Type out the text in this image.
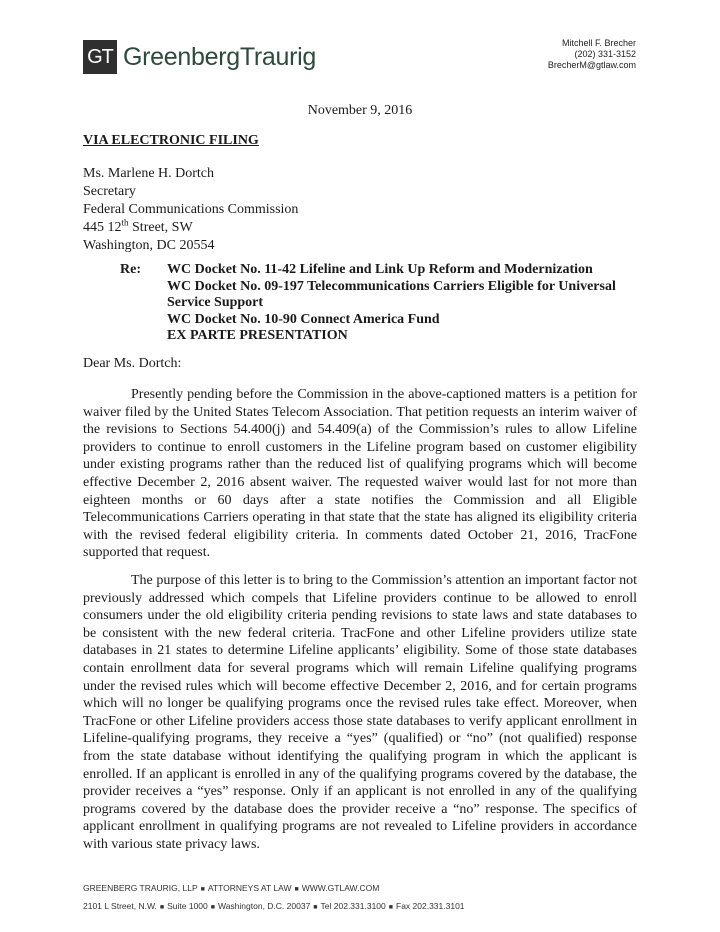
GT GreenbergTraurig	Mitchell F. Brecher
(202) 331-3152
BrecherM@gtlaw.com
November 9, 2016
VIA ELECTRONIC FILING
Ms. Marlene H. Dortch
Secretary
Federal Communications Commission
445 12th Street, SW
Washington, DC 20554
Re: WC Docket No. 11-42 Lifeline and Link Up Reform and Modernization
WC Docket No. 09-197 Telecommunications Carriers Eligible for Universal
Service Support
WC Docket No. 10-90 Connect America Fund
EX PARTE PRESENTATION
Dear Ms. Dortch:

Presently pending before the Commission in the above-captioned matters is a petition for waiver filed by the United States Telecom Association. That petition requests an interim waiver of the revisions to Sections 54.400(j) and 54.409(a) of the Commission’s rules to allow Lifeline providers to continue to enroll customers in the Lifeline program based on customer eligibility under existing programs rather than the reduced list of qualifying programs which will become effective December 2, 2016 absent waiver. The requested waiver would last for not more than eighteen months or 60 days after a state notifies the Commission and all Eligible Telecommunications Carriers operating in that state that the state has aligned its eligibility criteria with the revised federal eligibility criteria. In comments dated October 21, 2016, TracFone supported that request.

The purpose of this letter is to bring to the Commission’s attention an important factor not previously addressed which compels that Lifeline providers continue to be allowed to enroll consumers under the old eligibility criteria pending revisions to state laws and state databases to be consistent with the new federal criteria. TracFone and other Lifeline providers utilize state databases in 21 states to determine Lifeline applicants’ eligibility. Some of those state databases contain enrollment data for several programs which will remain Lifeline qualifying programs under the revised rules which will become effective December 2, 2016, and for certain programs which will no longer be qualifying programs once the revised rules take effect. Moreover, when TracFone or other Lifeline providers access those state databases to verify applicant enrollment in Lifeline-qualifying programs, they receive a “yes” (qualified) or “no” (not qualified) response from the state database without identifying the qualifying program in which the applicant is enrolled. If an applicant is enrolled in any of the qualifying programs covered by the database, the provider receives a “yes” response. Only if an applicant is not enrolled in any of the qualifying programs covered by the database does the provider receive a “no” response. The specifics of applicant enrollment in qualifying programs are not revealed to Lifeline providers in accordance with various state privacy laws.

GREENBERG TRAURIG, LLP ■ ATTORNEYS AT LAW ■ WWW.GTLAW.COM
2101 L Street, N.W. ■ Suite 1000 ■ Washington, D.C. 20037 ■ Tel 202.331.3100 ■ Fax 202.331.3101
